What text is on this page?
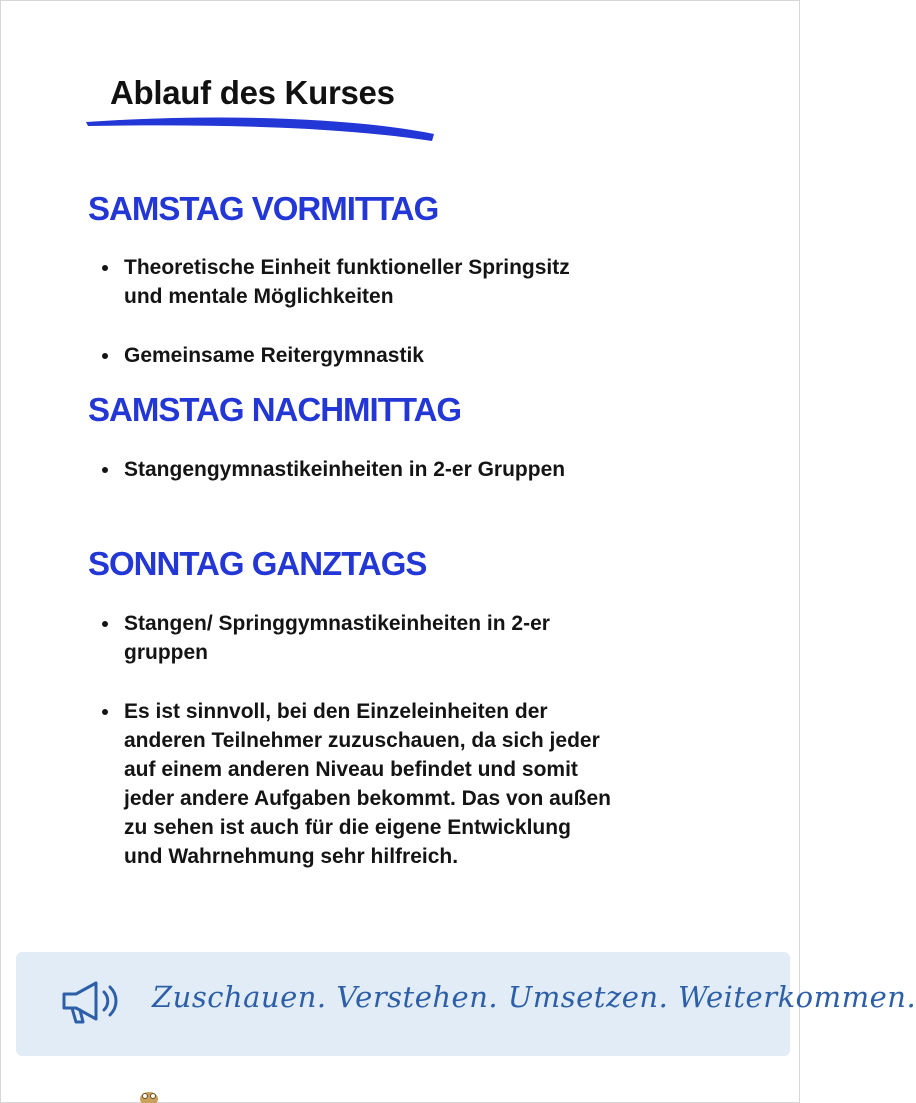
Ablauf des Kurses
SAMSTAG VORMITTAG
Theoretische Einheit funktioneller Springsitz und mentale Möglichkeiten
Gemeinsame Reitergymnastik
SAMSTAG NACHMITTAG
Stangengymnastikeinheiten in 2-er Gruppen
SONNTAG GANZTAGS
Stangen/ Springgymnastikeinheiten in 2-er gruppen
Es ist sinnvoll, bei den Einzeleinheiten der anderen Teilnehmer zuzuschauen, da sich jeder auf einem anderen Niveau befindet und somit jeder andere Aufgaben bekommt. Das von außen zu sehen ist auch für die eigene Entwicklung und Wahrnehmung sehr hilfreich.
Zuschauen. Verstehen. Umsetzen. Weiterkommen.
